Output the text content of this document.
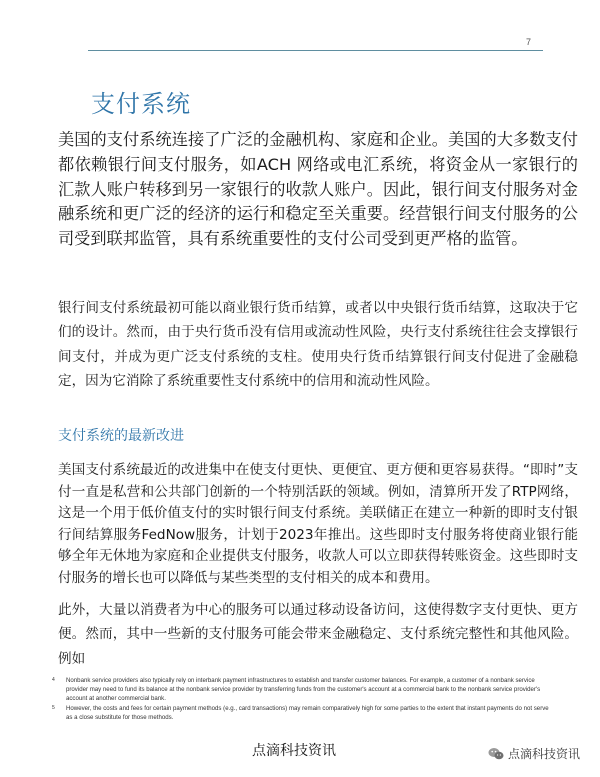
7
支付系统

美国的支付系统连接了广泛的金融机构、家庭和企业。美国的大多数支付都依赖银行间支付服务，如ACH 网络或电汇系统，将资金从一家银行的汇款人账户转移到另一家银行的收款人账户。因此，银行间支付服务对金融系统和更广泛的经济的运行和稳定至关重要。经营银行间支付服务的公司受到联邦监管，具有系统重要性的支付公司受到更严格的监管。

银行间支付系统最初可能以商业银行货币结算，或者以中央银行货币结算，这取决于它们的设计。然而，由于央行货币没有信用或流动性风险，央行支付系统往往会支撑银行间支付，并成为更广泛支付系统的支柱。使用央行货币结算银行间支付促进了金融稳定，因为它消除了系统重要性支付系统中的信用和流动性风险。

支付系统的最新改进

美国支付系统最近的改进集中在使支付更快、更便宜、更方便和更容易获得。“即时”支付一直是私营和公共部门创新的一个特别活跃的领域。例如，清算所开发了RTP网络，这是一个用于低价值支付的实时银行间支付系统。美联储正在建立一种新的即时支付银行间结算服务FedNow服务，计划于2023年推出。这些即时支付服务将使商业银行能够全年无休地为家庭和企业提供支付服务，收款人可以立即获得转账资金。这些即时支付服务的增长也可以降低与某些类型的支付相关的成本和费用。

此外，大量以消费者为中心的服务可以通过移动设备访问，这使得数字支付更快、更方便。然而，其中一些新的支付服务可能会带来金融稳定、支付系统完整性和其他风险。例如

4 Nonbank service providers also typically rely on interbank payment infrastructures to establish and transfer customer balances. For example, a customer of a nonbank service provider may need to fund its balance at the nonbank service provider by transferring funds from the customer's account at a commercial bank to the nonbank service provider's account at another commercial bank.

5 However, the costs and fees for certain payment methods (e.g., card transactions) may remain comparatively high for some parties to the extent that instant payments do not serve as a close substitute for those methods.

点滴科技资讯	点滴科技资讯
